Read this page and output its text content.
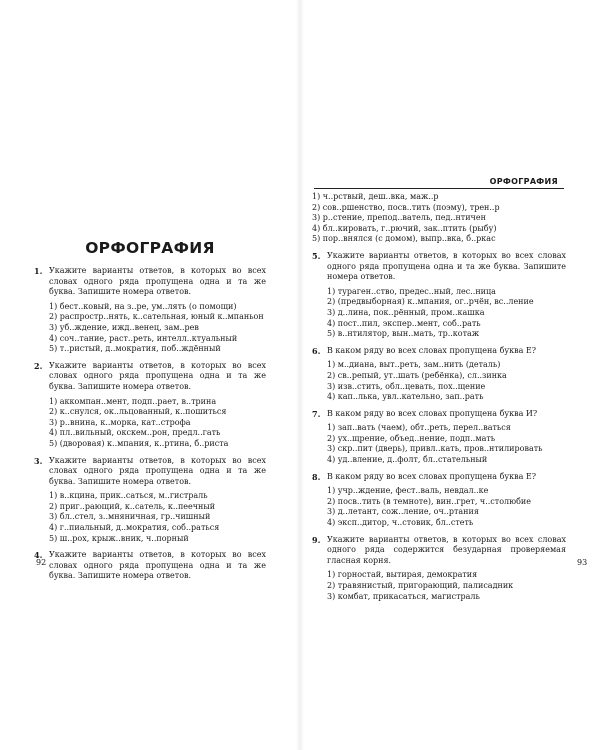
ОРФОГРАФИЯ
1. Укажите варианты ответов, в которых во всех словах одного ряда пропущена одна и та же буква. Запишите номера ответов.
1) бест..ковый, на з..ре, ум..лять (о помощи)
2) распростр..нять, к..сательная, юный к..мпаньон
3) уб..ждение, ижд..венец, зам..рев
4) соч..тание, раст..реть, интелл..ктуальный
5) т..ристый, д..мократия, поб..ждённый
2. Укажите варианты ответов, в которых во всех словах одного ряда пропущена одна и та же буква. Запишите номера ответов.
1) аккомпан..мент, подп..рает, в..трина
2) к..снулся, ок..льцованный, к..пошиться
3) р..внина, к..морка, кат..строфа
4) пл..вильный, окскем..рон, предл..гать
5) (дворовая) к..мпания, к..ртина, б..риста
3. Укажите варианты ответов, в которых во всех словах одного ряда пропущена одна и та же буква. Запишите номера ответов.
1) в..кцина, прик..саться, м..гистраль
2) приг..рающий, к..сатель, к..пеечный
3) бл..стел, з..мняничная, гр..чишный
4) г..пиальный, д..мократия, соб..раться
5) ш..рох, крыж..вник, ч..порный
4. Укажите варианты ответов, в которых во всех словах одного ряда пропущена одна и та же буква. Запишите номера ответов.
92
ОРФОГРАФИЯ
1) ч..рствый, деш..вка, маж..р
2) сов..ршенство, посв..тить (поэму), трен..р
3) р..стение, препод..ватель, пед..нтичен
4) бл..кировать, г..рючий, зак..птить (рыбу)
5) пор..внялся (с домом), выпр..вка, б..ркас
5. Укажите варианты ответов, в которых во всех словах одного ряда пропущена одна и та же буква. Запишите номера ответов.
1) тураген..ство, предес..ный, лес..ница
2) (предвыборная) к..мпания, ог..рчён, вс..ление
3) д..лина, пок..рённый, пром..кашка
4) пост..пил, экспер..мент, соб..рать
5) в..нтилятор, вын..мать, тр..котаж
6. В каком ряду во всех словах пропущена буква Е?
1) м..диана, выт..реть, зам..нить (деталь)
2) св..репый, ут..шать (ребёнка), сл..зинка
3) изв..стить, обл..цевать, пох..щение
4) кап..лька, увл..кательно, зап..рать
7. В каком ряду во всех словах пропущена буква И?
1) зап..вать (чаем), обт..реть, перел..ваться
2) ух..щрение, объед..нение, подп..мать
3) скр..пит (дверь), привл..кать, пров..нтилировать
4) уд..вление, д..фолт, бл..стательный
8. В каком ряду во всех словах пропущена буква Е?
1) учр..ждение, фест..валь, невдал..ке
2) посв..тить (в темноте), вин..грет, ч..столюбие
3) д..летант, сож..ление, оч..ртания
4) эксп..дитор, ч..стовик, бл..стеть
9. Укажите варианты ответов, в которых во всех словах одного ряда содержится безударная проверяемая гласная корня.
1) горностай, вытирая, демократия
2) травянистый, пригорающий, палисадник
3) комбат, прикасаться, магистраль
93
